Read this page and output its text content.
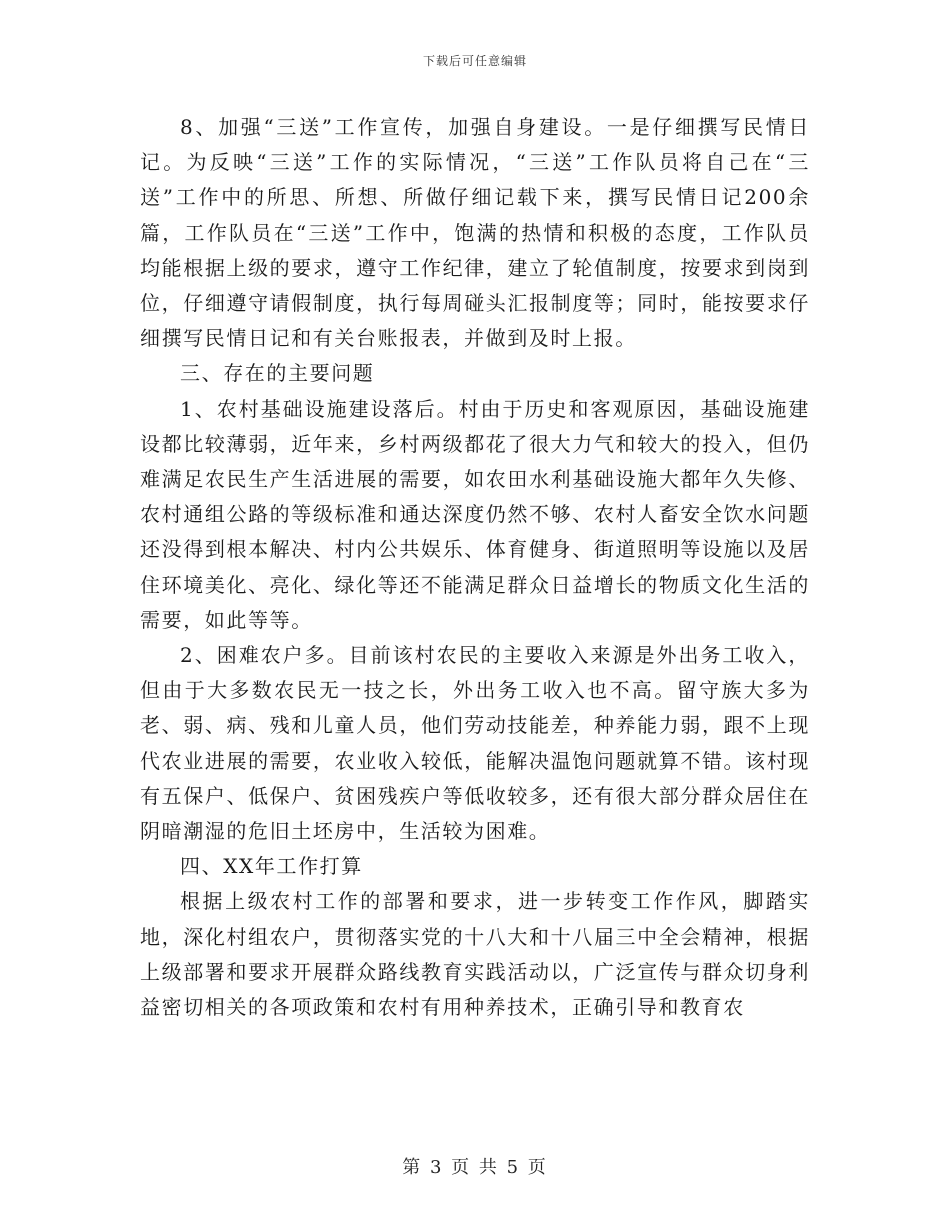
下载后可任意编辑

8、加强“三送”工作宣传，加强自身建设。一是仔细撰写民情日记。为反映“三送”工作的实际情况，“三送”工作队员将自己在“三送”工作中的所思、所想、所做仔细记载下来，撰写民情日记200余篇，工作队员在“三送”工作中，饱满的热情和积极的态度，工作队员均能根据上级的要求，遵守工作纪律，建立了轮值制度，按要求到岗到位，仔细遵守请假制度，执行每周碰头汇报制度等；同时，能按要求仔细撰写民情日记和有关台账报表，并做到及时上报。

三、存在的主要问题

1、农村基础设施建设落后。村由于历史和客观原因，基础设施建设都比较薄弱，近年来，乡村两级都花了很大力气和较大的投入，但仍难满足农民生产生活进展的需要，如农田水利基础设施大都年久失修、农村通组公路的等级标准和通达深度仍然不够、农村人畜安全饮水问题还没得到根本解决、村内公共娱乐、体育健身、街道照明等设施以及居住环境美化、亮化、绿化等还不能满足群众日益增长的物质文化生活的需要，如此等等。

2、困难农户多。目前该村农民的主要收入来源是外出务工收入，但由于大多数农民无一技之长，外出务工收入也不高。留守族大多为老、弱、病、残和儿童人员，他们劳动技能差，种养能力弱，跟不上现代农业进展的需要，农业收入较低，能解决温饱问题就算不错。该村现有五保户、低保户、贫困残疾户等低收较多，还有很大部分群众居住在阴暗潮湿的危旧土坯房中，生活较为困难。

四、XX年工作打算

根据上级农村工作的部署和要求，进一步转变工作作风，脚踏实地，深化村组农户，贯彻落实党的十八大和十八届三中全会精神，根据上级部署和要求开展群众路线教育实践活动以，广泛宣传与群众切身利益密切相关的各项政策和农村有用种养技术，正确引导和教育农

第 3 页 共 5 页
